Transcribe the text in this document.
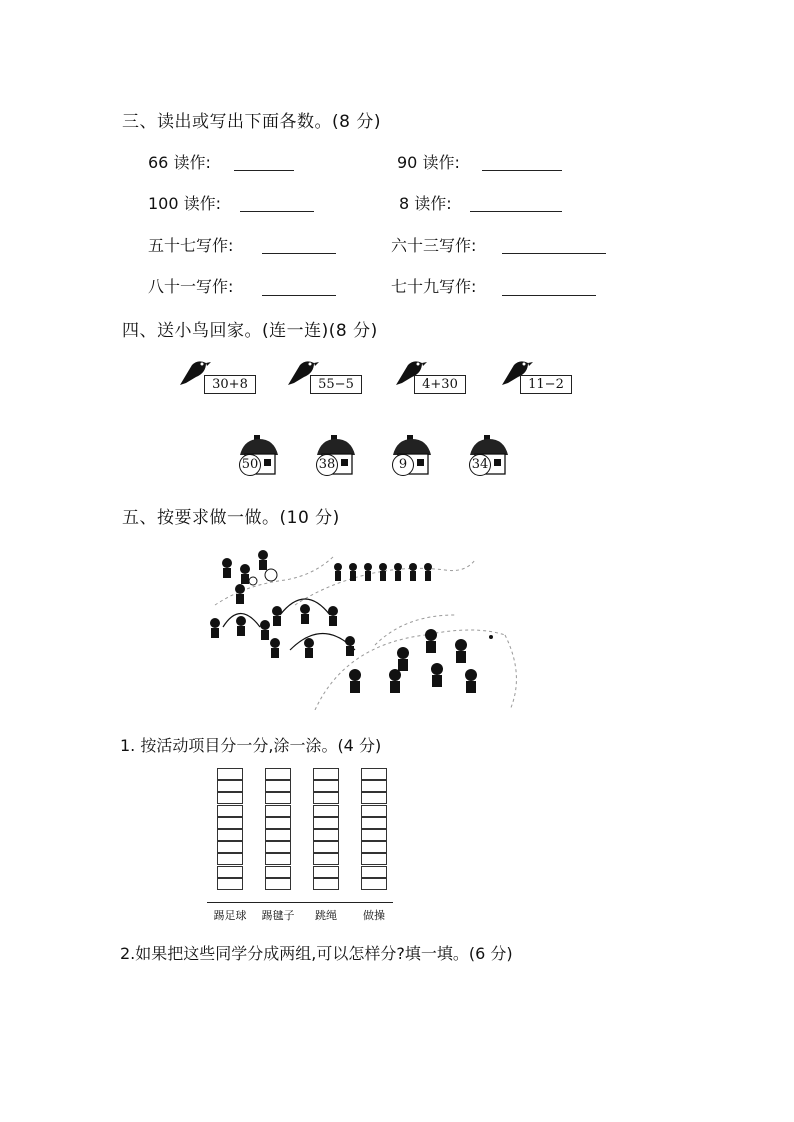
三、读出或写出下面各数。(8 分)
66 读作:	90 读作:
100 读作:	8 读作:
五十七写作:	六十三写作:
八十一写作:	七十九写作:
四、送小鸟回家。(连一连)(8 分)
30+8	55−5	4+30	11−2
50	38	9	34
五、按要求做一做。(10 分)
1. 按活动项目分一分,涂一涂。(4 分)
踢足球	踢毽子	跳绳	做操
2.如果把这些同学分成两组,可以怎样分?填一填。(6 分)
